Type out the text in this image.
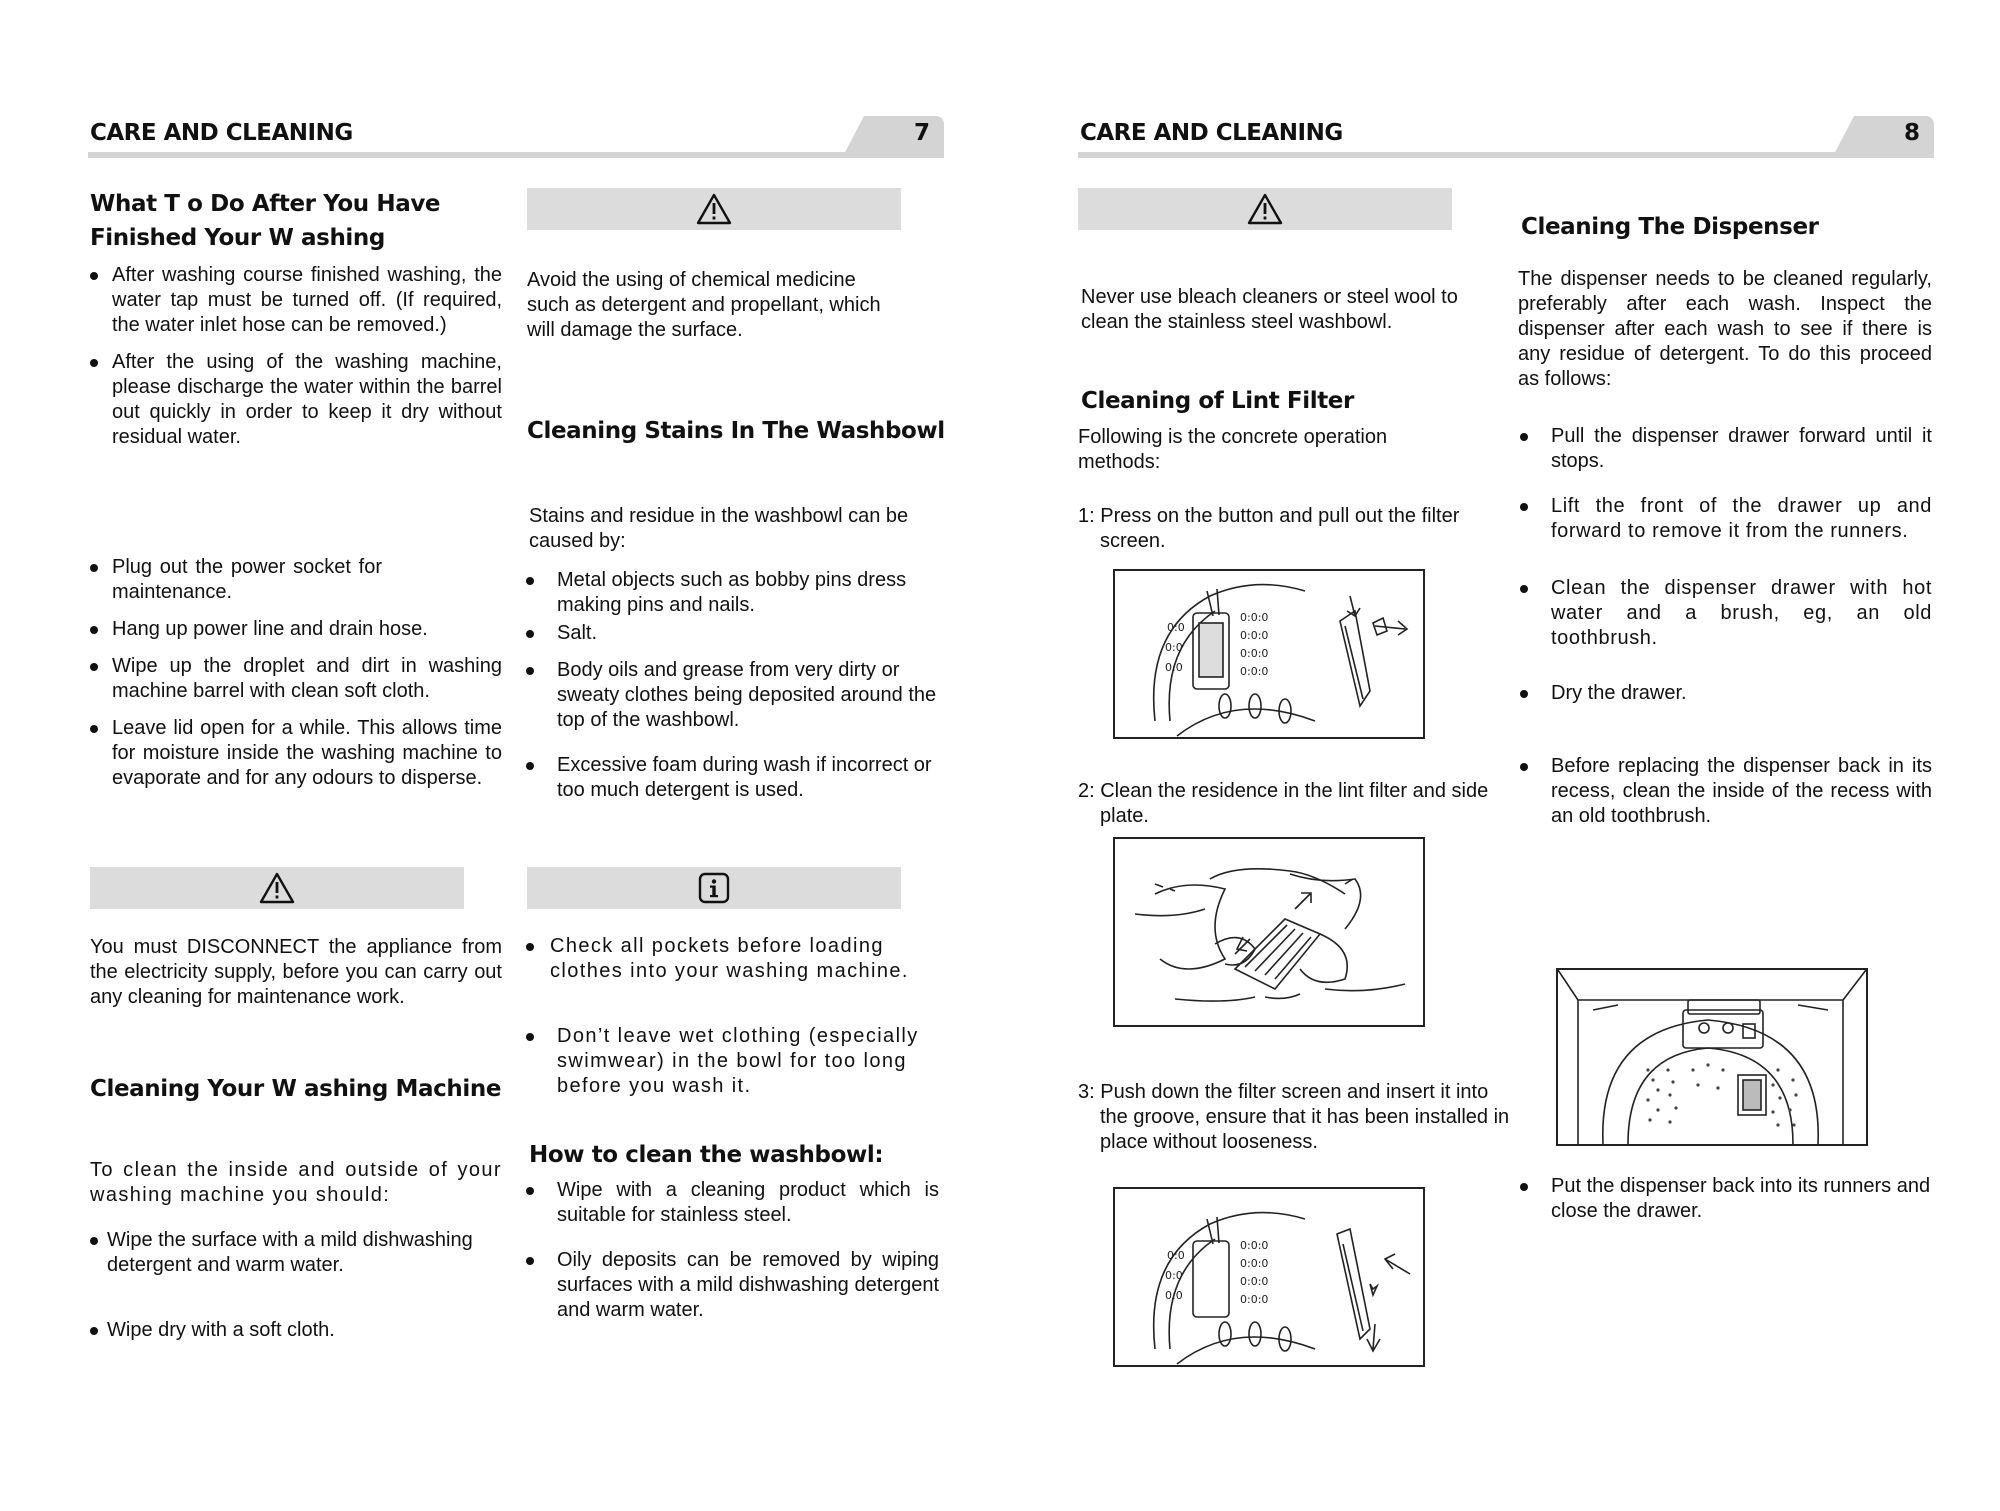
CARE AND CLEANING	7
What T o Do After You Have
Finished Your W ashing
After washing course finished washing, the water tap must be turned off. (If required, the water inlet hose can be removed.)
After the using of the washing machine, please discharge the water within the barrel out quickly in order to keep it dry without residual water.
Plug out the power socket for maintenance.
Hang up power line and drain hose.
Wipe up the droplet and dirt in washing machine barrel with clean soft cloth.
Leave lid open for a while. This allows time for moisture inside the washing machine to evaporate and for any odours to disperse.
You must DISCONNECT the appliance from the electricity supply, before you can carry out any cleaning for maintenance work.
Cleaning Your W ashing Machine
To clean the inside and outside of your washing machine you should:
Wipe the surface with a mild dishwashing detergent and warm water.
Wipe dry with a soft cloth.
Avoid the using of chemical medicine such as detergent and propellant, which will damage the surface.
Cleaning Stains In The Washbowl
Stains and residue in the washbowl can be caused by:
Metal objects such as bobby pins dress making pins and nails.
Salt.
Body oils and grease from very dirty or sweaty clothes being deposited around the top of the washbowl.
Excessive foam during wash if incorrect or too much detergent is used.
Check all pockets before loading clothes into your washing machine.
Don’t leave wet clothing (especially swimwear) in the bowl for too long before you wash it.
How to clean the washbowl:
Wipe with a cleaning product which is suitable for stainless steel.
Oily deposits can be removed by wiping surfaces with a mild dishwashing detergent and warm water.
CARE AND CLEANING	8
Never use bleach cleaners or steel wool to clean the stainless steel washbowl.
Cleaning of Lint Filter
Following is the concrete operation methods:
1: Press on the button and pull out the filter screen.
0:0
0:0
0:0
0:0:0
0:0:0
0:0:0
0:0:0
2: Clean the residence in the lint filter and side plate.
3: Push down the filter screen and insert it into the groove, ensure that it has been installed in place without looseness.
0:0
0:0
0:0
0:0:0
0:0:0
0:0:0
0:0:0
Cleaning The Dispenser
The dispenser needs to be cleaned regularly, preferably after each wash. Inspect the dispenser after each wash to see if there is any residue of detergent. To do this proceed as follows:
Pull the dispenser drawer forward until it stops.
Lift the front of the drawer up and forward to remove it from the runners.
Clean the dispenser drawer with hot water and a brush, eg, an old toothbrush.
Dry the drawer.
Before replacing the dispenser back in its recess, clean the inside of the recess with an old toothbrush.
Put the dispenser back into its runners and close the drawer.
